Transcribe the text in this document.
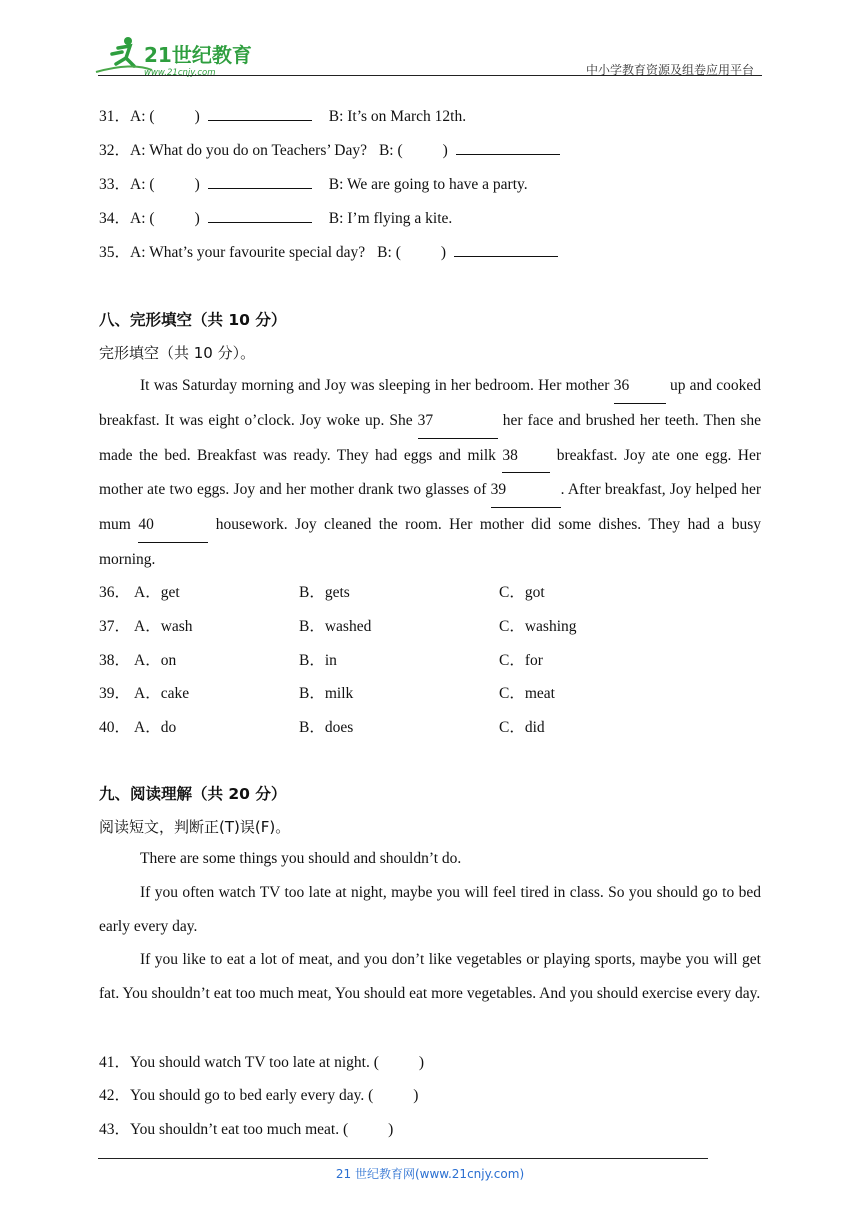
21世纪教育
www.21cnjy.com	中小学教育资源及组卷应用平台
31．A: (	)	B: It’s on March 12th.
32．A: What do you do on Teachers’ Day? B: (	)
33．A: (	)	B: We are going to have a party.
34．A: (	)	B: I’m flying a kite.
35．A: What’s your favourite special day? B: (	)
八、完形填空（共 10 分）
完形填空（共 10 分）。
It was Saturday morning and Joy was sleeping in her bedroom. Her mother 36	up and cooked breakfast. It was eight o’clock. Joy woke up. She 37	her face and brushed her teeth. Then she made the bed. Breakfast was ready. They had eggs and milk 38	breakfast. Joy ate one egg. Her mother ate two eggs. Joy and her mother drank two glasses of 39	. After breakfast, Joy helped her mum 40	housework. Joy cleaned the room. Her mother did some dishes. They had a busy morning.
36． A．get	B．gets	C．got
37． A．wash	B．washed	C．washing
38． A．on	B．in	C．for
39． A．cake	B．milk	C．meat
40． A．do	B．does	C．did
九、阅读理解（共 20 分）
阅读短文，判断正(T)误(F)。
There are some things you should and shouldn’t do.
If you often watch TV too late at night, maybe you will feel tired in class. So you should go to bed early every day.
If you like to eat a lot of meat, and you don’t like vegetables or playing sports, maybe you will get fat. You shouldn’t eat too much meat, You should eat more vegetables. And you should exercise every day.
41．You should watch TV too late at night. (	)
42．You should go to bed early every day. (	)
43．You shouldn’t eat too much meat. (	)
21 世纪教育网(www.21cnjy.com)
